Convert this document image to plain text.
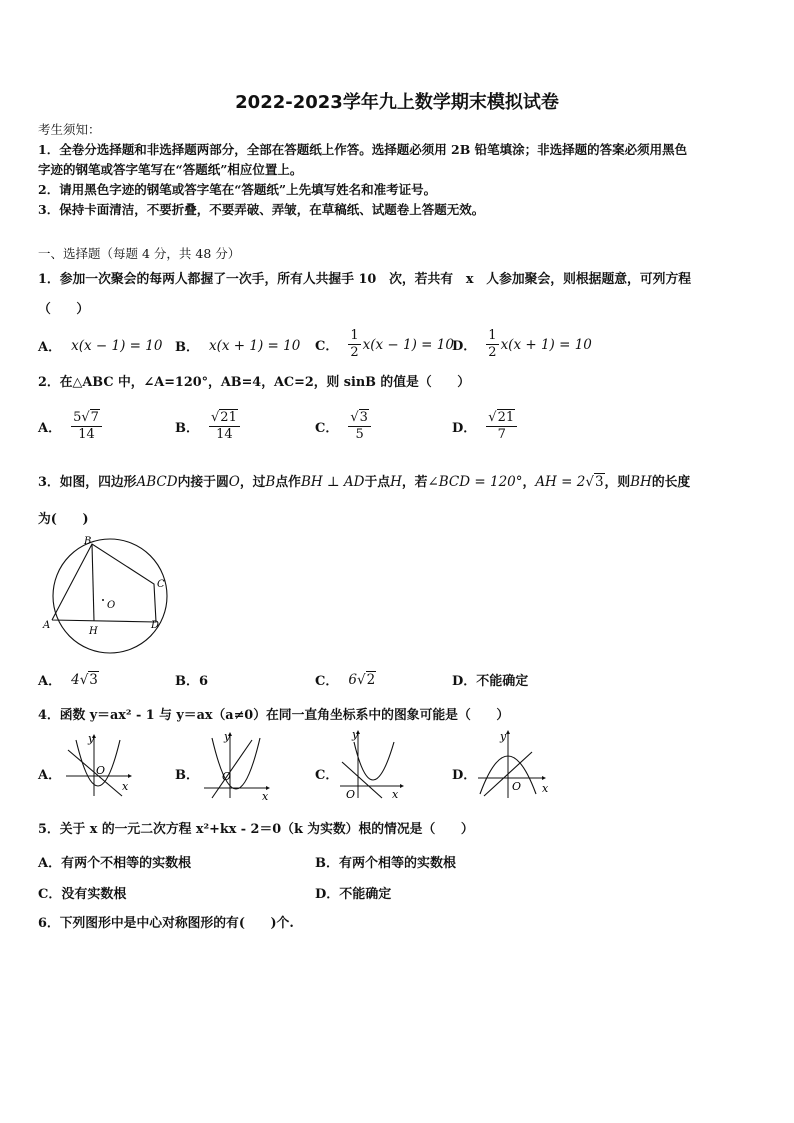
2022-2023学年九上数学期末模拟试卷
考生须知：
1．全卷分选择题和非选择题两部分，全部在答题纸上作答。选择题必须用 2B 铅笔填涂；非选择题的答案必须用黑色
字迹的钢笔或答字笔写在“答题纸”相应位置上。
2．请用黑色字迹的钢笔或答字笔在“答题纸”上先填写姓名和准考证号。
3．保持卡面清洁，不要折叠，不要弄破、弄皱，在草稿纸、试题卷上答题无效。
一、选择题（每题 4 分，共 48 分）
1．参加一次聚会的每两人都握了一次手，所有人共握手 10　次，若共有　x　人参加聚会，则根据题意，可列方程
（　　）
A． x(x − 1) = 10 B． x(x + 1) = 10 C． $\frac{1}{2} x(x - 1) = 10$
D． $\frac{1}{2} x(x + 1) = 10$
2．在△ABC 中，∠A=120°，AB=4，AC=2，则 sinB 的值是（　　）
A． $\frac{5√7}{14}$	B． $\frac{√21}{14}$	C． $\frac{√3}{5}$	D． $\frac{√21}{7}$
3．如图，四边形ABCD内接于圆O，过B点作BH ⊥ AD于点H，若∠BCD = 120°，AH = 2√3，则BH的长度
为(　　)
B
C
A	D
H
O
A． 4 √3	B．6	C． 6 √2	D．不能确定
4．函数 y＝ax² - 1 与 y＝ax（a≠0）在同一直角坐标系中的图象可能是（　　）
A．
y
x
O	B．
y
x
O	C．
y
x
O
D．
y
x
O
5．关于 x 的一元二次方程 x²+kx - 2＝0（k 为实数）根的情况是（　　）
A．有两个不相等的实数根	B．有两个相等的实数根
C．没有实数根	D．不能确定
6．下列图形中是中心对称图形的有(　　)个.
